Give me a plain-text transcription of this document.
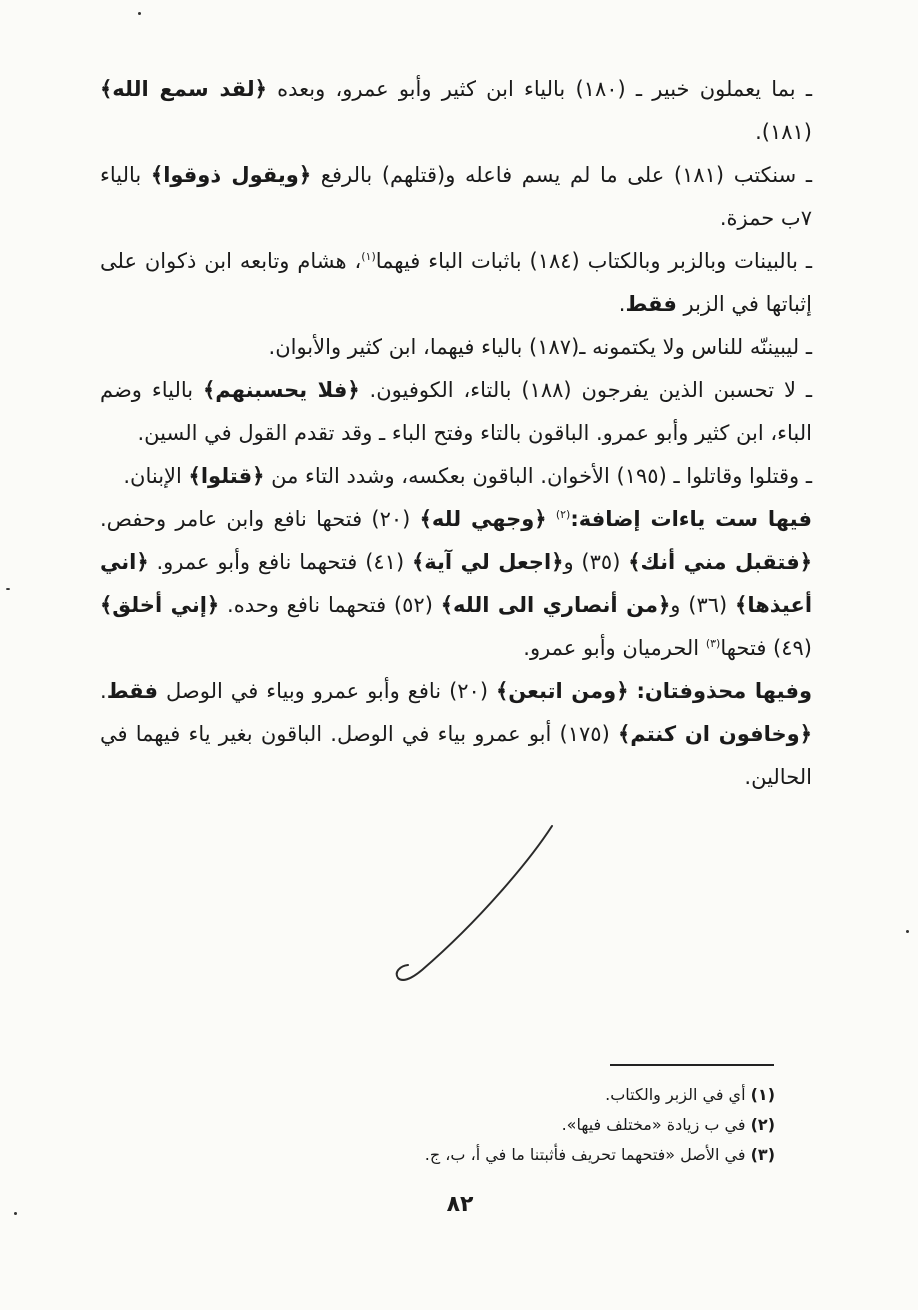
ـ بما يعملون خبير ـ (١٨٠) بالياء ابن كثير وأبو عمرو، وبعده ﴿لقد سمع الله﴾ (١٨١).

ـ سنكتب (١٨١) على ما لم يسم فاعله و(قتلهم) بالرفع ﴿ويقول ذوقوا﴾ بالياء ٧ب حمزة.

ـ بالبينات وبالزبر وبالكتاب (١٨٤) باثبات الباء فيهما$^{(١)}$، هشام وتابعه ابن ذكوان على إثباتها في الزبر فقط.

ـ ليبيننّه للناس ولا يكتمونه ـ(١٨٧) بالياء فيهما، ابن كثير والأبوان.

ـ لا تحسبن الذين يفرجون (١٨٨) بالتاء، الكوفيون. ﴿فلا يحسبنهم﴾ بالياء وضم الباء، ابن كثير وأبو عمرو. الباقون بالتاء وفتح الباء ـ وقد تقدم القول في السين.

ـ وقتلوا وقاتلوا ـ (١٩٥) الأخوان. الباقون بعكسه، وشدد التاء من ﴿قتلوا﴾ الإبنان.

فيها ست ياءات إضافة:$^{(٢)}$ ﴿وجهي لله﴾ (٢٠) فتحها نافع وابن عامر وحفص. ﴿فتقبل مني أنك﴾ (٣٥) و﴿اجعل لي آية﴾ (٤١) فتحهما نافع وأبو عمرو. ﴿اني أعيذها﴾ (٣٦) و﴿من أنصاري الى الله﴾ (٥٢) فتحهما نافع وحده. ﴿إني أخلق﴾ (٤٩) فتحها$^{(٣)}$ الحرميان وأبو عمرو.

وفيها محذوفتان: ﴿ومن اتبعن﴾ (٢٠) نافع وأبو عمرو وبياء في الوصل فقط. ﴿وخافون ان كنتم﴾ (١٧٥) أبو عمرو بياء في الوصل. الباقون بغير ياء فيهما في الحالين.

(١) أي في الزبر والكتاب.

(٢) في ب زيادة «مختلف فيها».

(٣) في الأصل «فتحهما تحريف فأثبتنا ما في أ، ب، ج.

٨٢
